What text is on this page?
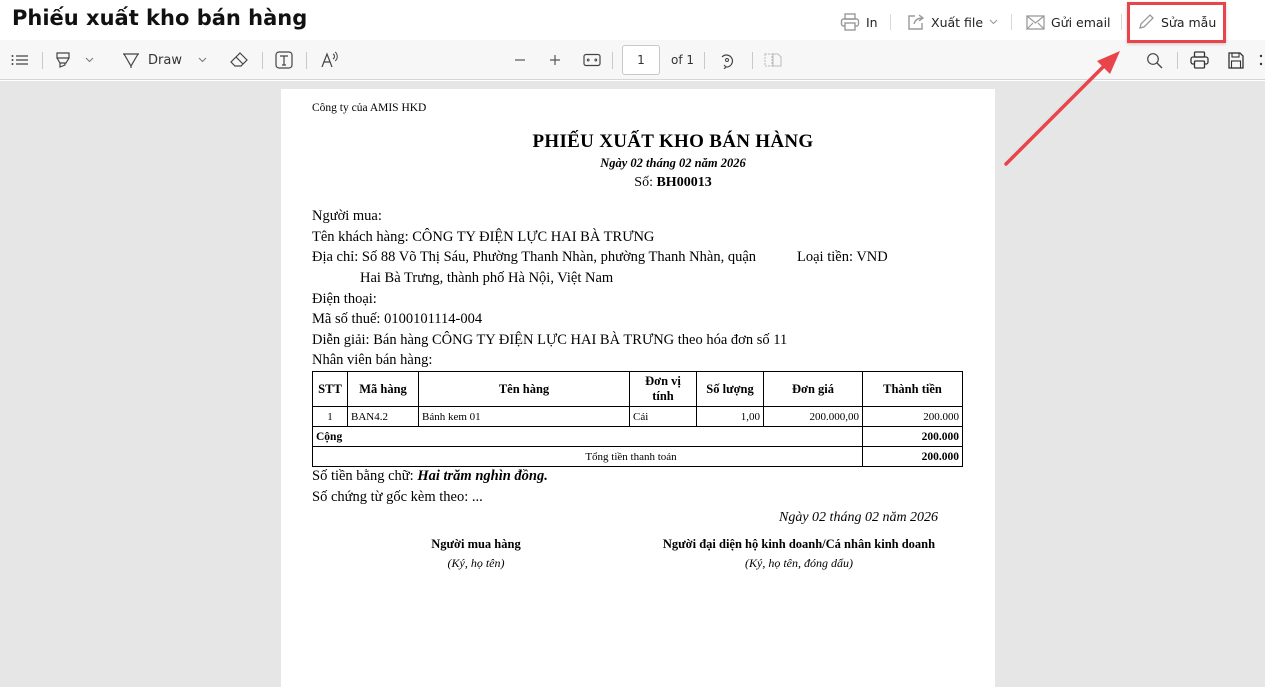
Phiếu xuất kho bán hàng	In	Xuất file	Gửi email	Sửa mẫu
Draw	1	of 1
Công ty của AMIS HKD
PHIẾU XUẤT KHO BÁN HÀNG
Ngày 02 tháng 02 năm 2026
Số: BH00013
Người mua:
Tên khách hàng: CÔNG TY ĐIỆN LỰC HAI BÀ TRƯNG
Địa chỉ: Số 88 Võ Thị Sáu, Phường Thanh Nhàn, phường Thanh Nhàn, quận	Loại tiền: VND
Hai Bà Trưng, thành phố Hà Nội, Việt Nam
Điện thoại:
Mã số thuế: 0100101114-004
Diễn giải: Bán hàng CÔNG TY ĐIỆN LỰC HAI BÀ TRƯNG theo hóa đơn số 11
Nhân viên bán hàng:
STT	Mã hàng	Tên hàng	Đơn vị tính	Số lượng	Đơn giá	Thành tiền
1	BAN4.2	Bánh kem 01	Cái	1,00	200.000,00	200.000
Cộng						200.000
Tổng tiền thanh toán						200.000
Số tiền bằng chữ: Hai trăm nghìn đồng.
Số chứng từ gốc kèm theo: ...
Ngày 02 tháng 02 năm 2026
Người mua hàng
(Ký, họ tên)
Người đại diện hộ kinh doanh/Cá nhân kinh doanh
(Ký, họ tên, đóng dấu)
